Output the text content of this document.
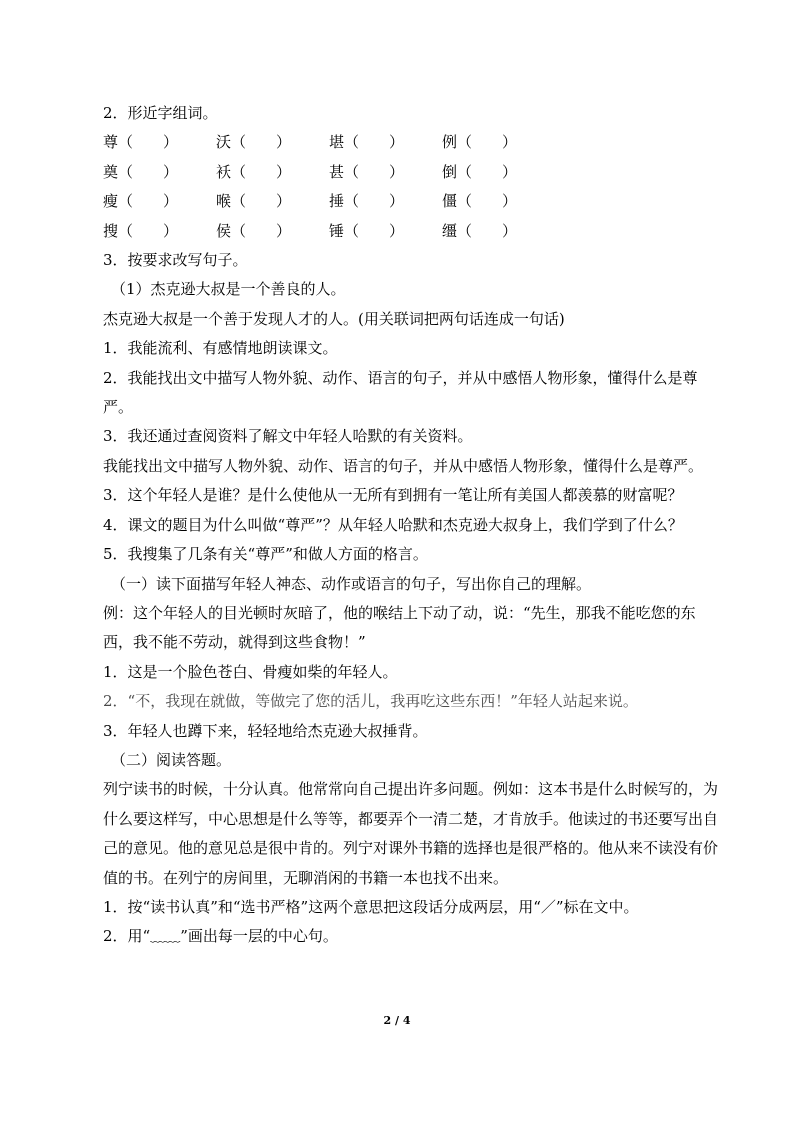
2．形近字组词。

尊（　　）	沃（　　）	堪（　　）	例（　　）
奠（　　）	袄（　　）	甚（　　）	倒（　　）
瘦（　　）	喉（　　）	捶（　　）	僵（　　）
搜（　　）	侯（　　）	锤（　　）	缰（　　）

3．按要求改写句子。

（1）杰克逊大叔是一个善良的人。

杰克逊大叔是一个善于发现人才的人。(用关联词把两句话连成一句话)

1．我能流利、有感情地朗读课文。

2．我能找出文中描写人物外貌、动作、语言的句子，并从中感悟人物形象，懂得什么是尊严。

3．我还通过查阅资料了解文中年轻人哈默的有关资料。

我能找出文中描写人物外貌、动作、语言的句子，并从中感悟人物形象，懂得什么是尊严。

3．这个年轻人是谁？是什么使他从一无所有到拥有一笔让所有美国人都羡慕的财富呢？

4．课文的题目为什么叫做“尊严”？从年轻人哈默和杰克逊大叔身上，我们学到了什么？

5．我搜集了几条有关“尊严”和做人方面的格言。

（一）读下面描写年轻人神态、动作或语言的句子，写出你自己的理解。

例：这个年轻人的目光顿时灰暗了，他的喉结上下动了动，说：“先生，那我不能吃您的东西，我不能不劳动，就得到这些食物！”

1．这是一个脸色苍白、骨瘦如柴的年轻人。

2．“不，我现在就做，等做完了您的活儿，我再吃这些东西！”年轻人站起来说。

3．年轻人也蹲下来，轻轻地给杰克逊大叔捶背。

（二）阅读答题。

列宁读书的时候，十分认真。他常常向自己提出许多问题。例如：这本书是什么时候写的，为什么要这样写，中心思想是什么等等，都要弄个一清二楚，才肯放手。他读过的书还要写出自己的意见。他的意见总是很中肯的。列宁对课外书籍的选择也是很严格的。他从来不读没有价值的书。在列宁的房间里，无聊消闲的书籍一本也找不出来。

1．按“读书认真”和“选书严格”这两个意思把这段话分成两层，用“／”标在文中。

2．用“﹏﹏”画出每一层的中心句。

2 / 4
